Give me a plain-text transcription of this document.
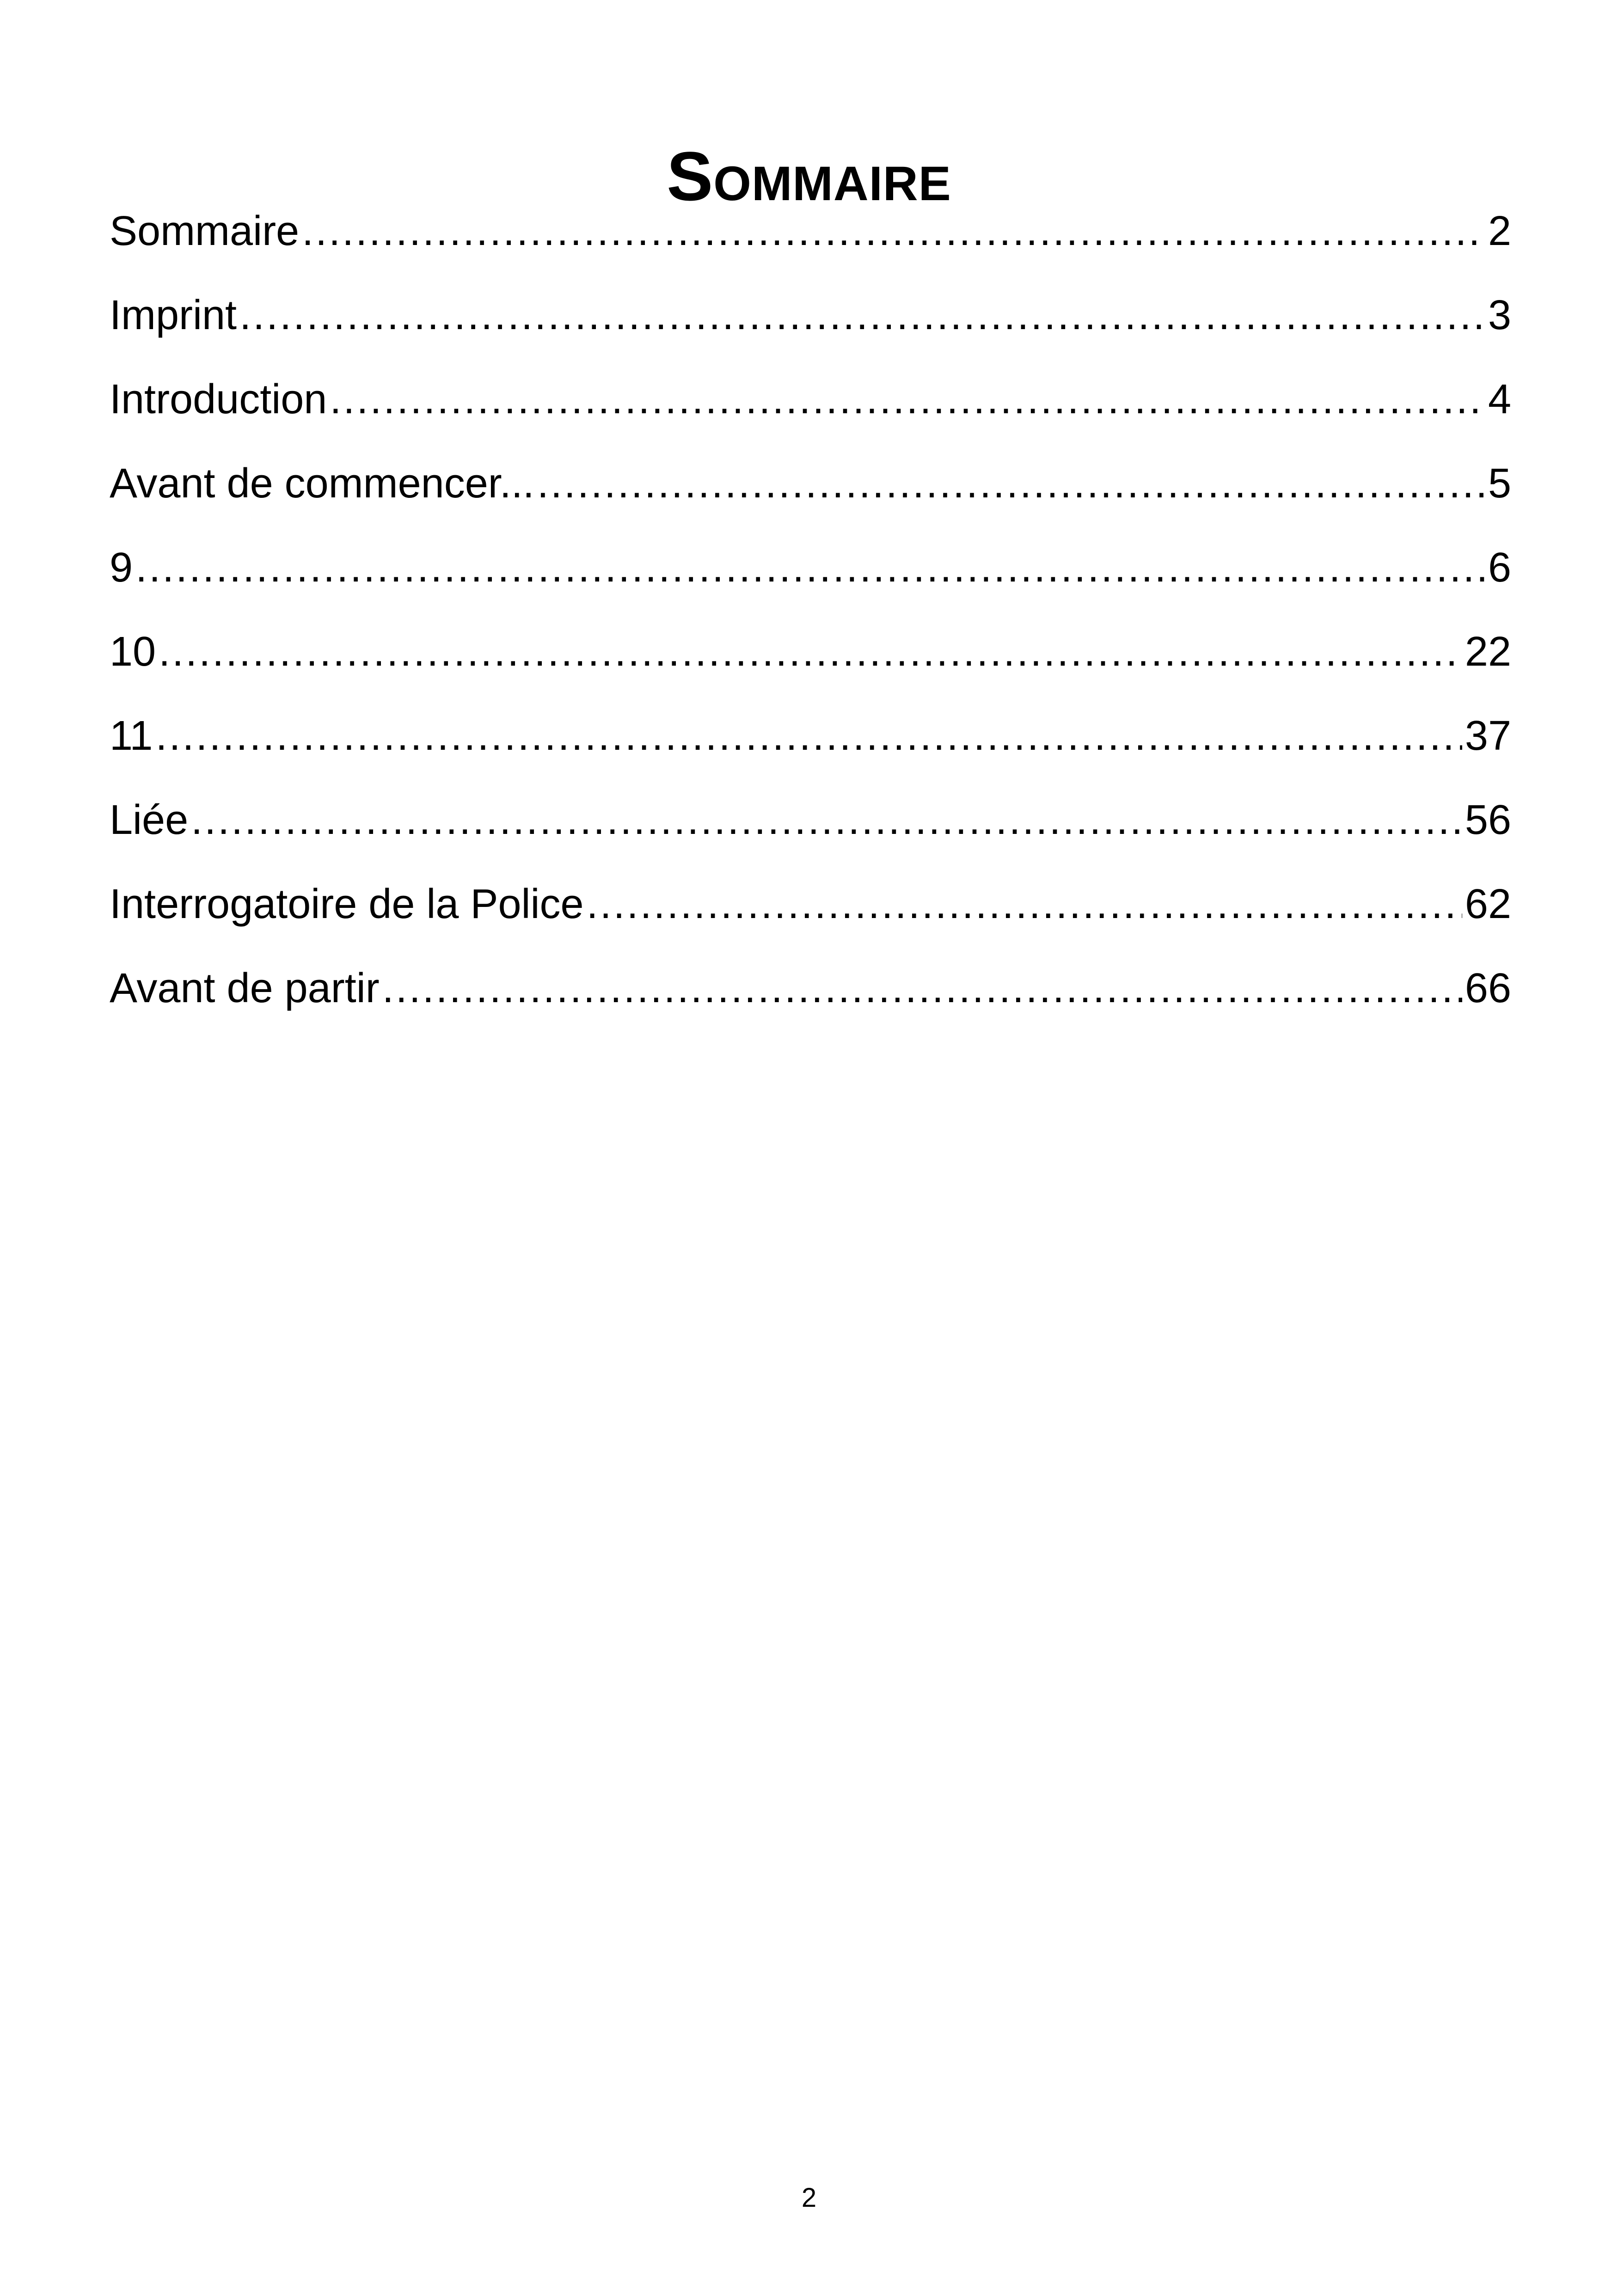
Sommaire
Sommaire .....	2
Imprint .....	3
Introduction .....	4
Avant de commencer... .....	5
9 .....	6
10 .....	22
11 .....	37
Liée .....	56
Interrogatoire de la Police .....	62
Avant de partir .....	66
2
